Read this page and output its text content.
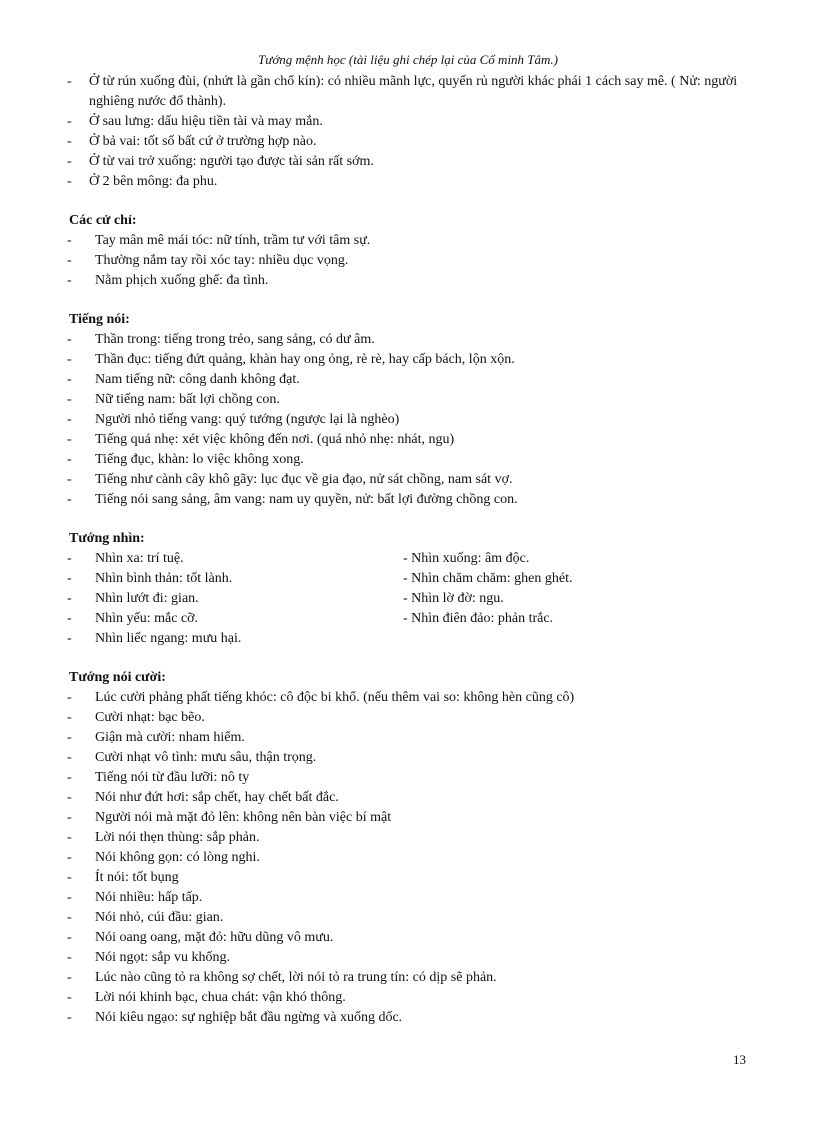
Tướng mệnh học (tài liệu ghi chép lại của Cổ minh Tâm.)
- Ở từ rún xuống đùi, (nhứt là gần chổ kín): có nhiều mãnh lực, quyến rủ người khác phái 1 cách say mê. ( Nử: người nghiêng nước đổ thành).
- Ở sau lưng: dấu hiệu tiền tài và may mắn.
- Ở bả vai: tốt số bất cứ ở trường hợp nào.
- Ở từ vai trở xuống: người tạo được tài sản rất sớm.
- Ở 2 bên mông: đa phu.
Các cử chỉ:
- Tay mân mê mái tóc: nữ tính, trầm tư với tâm sự.
- Thường nắm tay rồi xóc tay: nhiều dục vọng.
- Nằm phịch xuống ghế: đa tình.
Tiếng nói:
- Thần trong: tiếng trong trẻo, sang sảng, có dư âm.
- Thần đục: tiếng đứt quảng, khàn hay ong ỏng, rè rè, hay cấp bách, lộn xộn.
- Nam tiếng nữ: công danh không đạt.
- Nữ tiếng nam: bất lợi chồng con.
- Người nhỏ tiếng vang: quý tướng (ngược lại là nghèo)
- Tiếng quá nhẹ: xét việc không đến nơi. (quá nhỏ nhẹ: nhát, ngu)
- Tiếng đục, khàn: lo việc không xong.
- Tiếng như cành cây khô gãy: lục đục về gia đạo, nử sát chồng, nam sát vợ.
- Tiếng nói sang sảng, âm vang: nam uy quyền, nử: bất lợi đường chồng con.
Tướng nhìn:
- Nhìn xa: trí tuệ.	- Nhìn xuống: âm độc.
- Nhìn bình thản: tốt lành.	- Nhìn chăm chăm: ghen ghét.
- Nhìn lướt đi: gian.	- Nhìn lờ đờ: ngu.
- Nhìn yếu: mắc cỡ.	- Nhìn điên đảo: phản trắc.
- Nhìn liếc ngang: mưu hại.
Tướng nói cười:
- Lúc cười phảng phất tiếng khóc: cô độc bi khổ. (nếu thêm vai so: không hèn cũng cô)
- Cười nhạt: bạc bẽo.
- Giận mà cười: nham hiểm.
- Cười nhạt vô tình: mưu sâu, thận trọng.
- Tiếng nói từ đầu lưỡi: nô ty
- Nói như đứt hơi: sắp chết, hay chết bất đắc.
- Người nói mà mặt đỏ lên: không nên bàn việc bí mật
- Lời nói thẹn thùng: sắp phản.
- Nói không gọn: có lòng nghi.
- Ít nói: tốt bụng
- Nói nhiều: hấp tấp.
- Nói nhỏ, cúi đầu: gian.
- Nói oang oang, mặt đỏ: hữu dũng vô mưu.
- Nói ngọt: sắp vu khống.
- Lúc nào cũng tỏ ra không sợ chết, lời nói tỏ ra trung tín: có dịp sẽ phản.
- Lời nói khinh bạc, chua chát: vận khó thông.
- Nói kiêu ngạo: sự nghiệp bắt đầu ngừng và xuống dốc.
13
